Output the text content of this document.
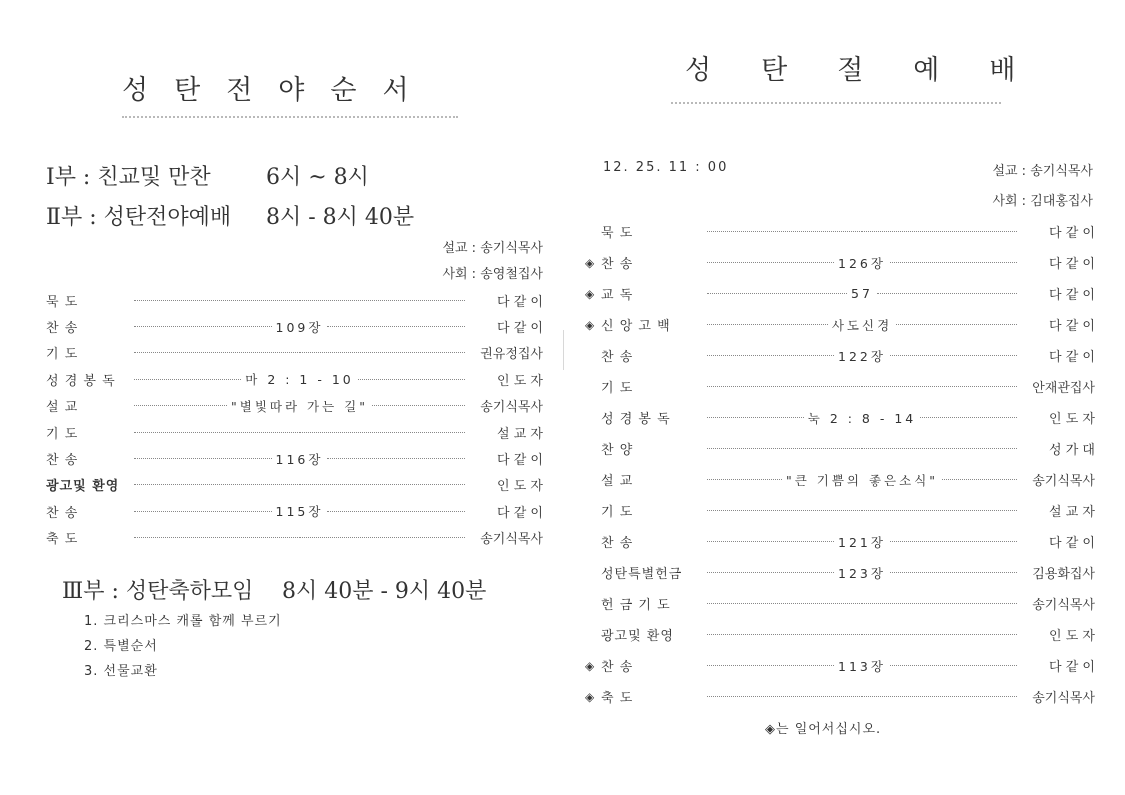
성 탄 전 야 순 서
Ⅰ부 : 친교및 만찬	6시 ~ 8시
Ⅱ부 : 성탄전야예배 8시 - 8시 40분
설교 : 송기식목사
사회 : 송영철집사
묵 도	다 같 이
찬 송	109장	다 같 이
기 도	권유정집사
성 경 봉 독	마 2 : 1 - 10	인 도 자
설 교	"별빛따라 가는 길"	송기식목사
기 도	설 교 자
찬 송	116장	다 같 이
광고및 환영	인 도 자
찬 송	115장	다 같 이
축 도	송기식목사
Ⅲ부 : 성탄축하모임 8시 40분 - 9시 40분
1. 크리스마스 캐롤 함께 부르기
2. 특별순서
3. 선물교환
성 탄 절 예 배
12. 25. 11 : 00	설교 : 송기식목사
사회 : 김대홍집사
묵 도	다 같 이
◈ 찬 송	126장	다 같 이
◈ 교 독	57	다 같 이
◈ 신 앙 고 백	사도신경	다 같 이
찬 송	122장	다 같 이
기 도	안재관집사
성 경 봉 독	눅 2 : 8 - 14	인 도 자
찬 양	성 가 대
설 교	"큰 기쁨의 좋은소식"	송기식목사
기 도	설 교 자
찬 송	121장	다 같 이
성탄특별헌금	123장	김용화집사
헌 금 기 도	송기식목사
광고및 환영	인 도 자
◈ 찬 송	113장	다 같 이
◈ 축 도	송기식목사
◈는 일어서십시오.
